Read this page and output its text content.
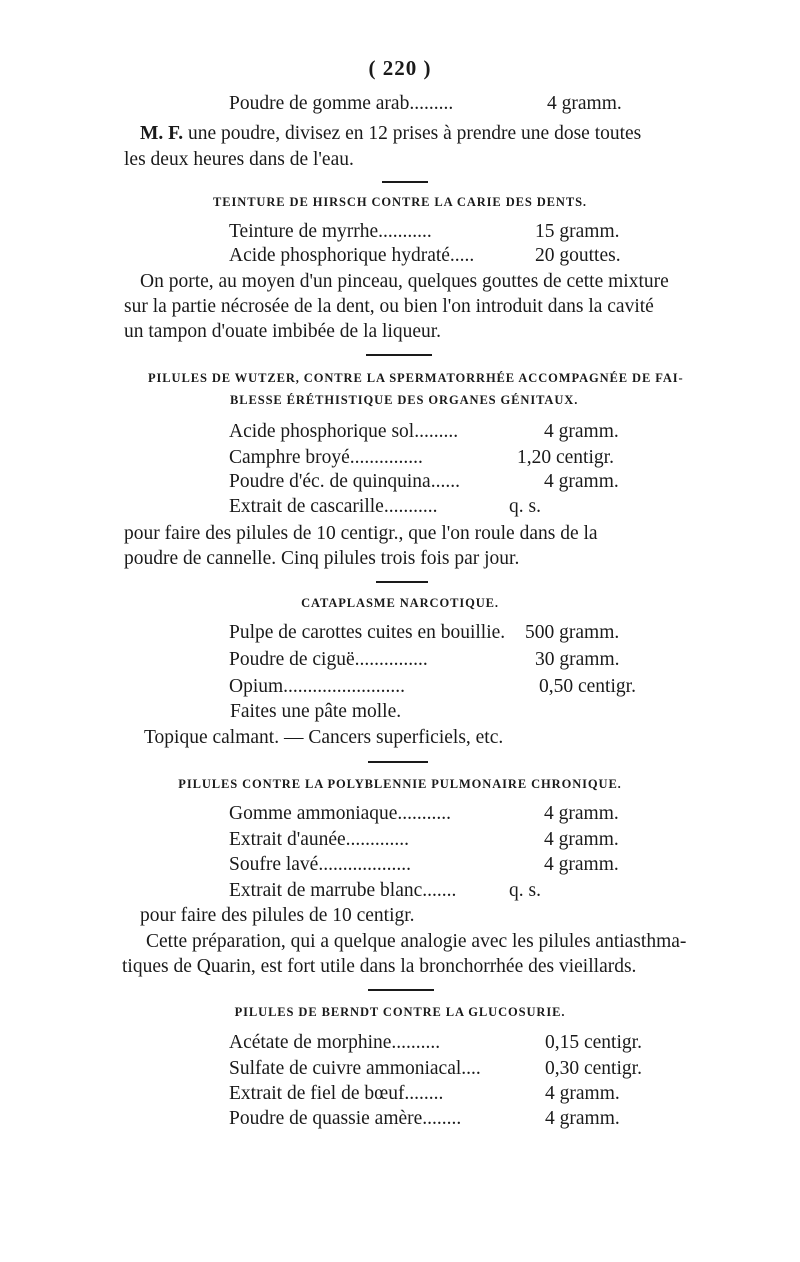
( 220 )
Poudre de gomme arab.........	4 gramm.
M. F. une poudre, divisez en 12 prises à prendre une dose toutes
les deux heures dans de l'eau.
TEINTURE DE HIRSCH CONTRE LA CARIE DES DENTS.
Teinture de myrrhe...........	15 gramm.
Acide phosphorique hydraté.....	20 gouttes.
On porte, au moyen d'un pinceau, quelques gouttes de cette mixture
sur la partie nécrosée de la dent, ou bien l'on introduit dans la cavité
un tampon d'ouate imbibée de la liqueur.
PILULES DE WUTZER, CONTRE LA SPERMATORRHÉE ACCOMPAGNÉE DE FAI-
BLESSE ÉRÉTHISTIQUE DES ORGANES GÉNITAUX.
Acide phosphorique sol.........	4 gramm.
Camphre broyé...............	1,20 centigr.
Poudre d'éc. de quinquina......	4 gramm.
Extrait de cascarille...........	q. s.
pour faire des pilules de 10 centigr., que l'on roule dans de la
poudre de cannelle. Cinq pilules trois fois par jour.
CATAPLASME NARCOTIQUE.
Pulpe de carottes cuites en bouillie. 500 gramm.
Poudre de ciguë...............	30 gramm.
Opium.........................	0,50 centigr.
Faites une pâte molle.
Topique calmant. — Cancers superficiels, etc.
PILULES CONTRE LA POLYBLENNIE PULMONAIRE CHRONIQUE.
Gomme ammoniaque...........	4 gramm.
Extrait d'aunée.............	4 gramm.
Soufre lavé...................	4 gramm.
Extrait de marrube blanc.......	q. s.
pour faire des pilules de 10 centigr.
Cette préparation, qui a quelque analogie avec les pilules antiasthma-
tiques de Quarin, est fort utile dans la bronchorrhée des vieillards.
PILULES DE BERNDT CONTRE LA GLUCOSURIE.
Acétate de morphine..........	0,15 centigr.
Sulfate de cuivre ammoniacal....	0,30 centigr.
Extrait de fiel de bœuf........	4 gramm.
Poudre de quassie amère........	4 gramm.
